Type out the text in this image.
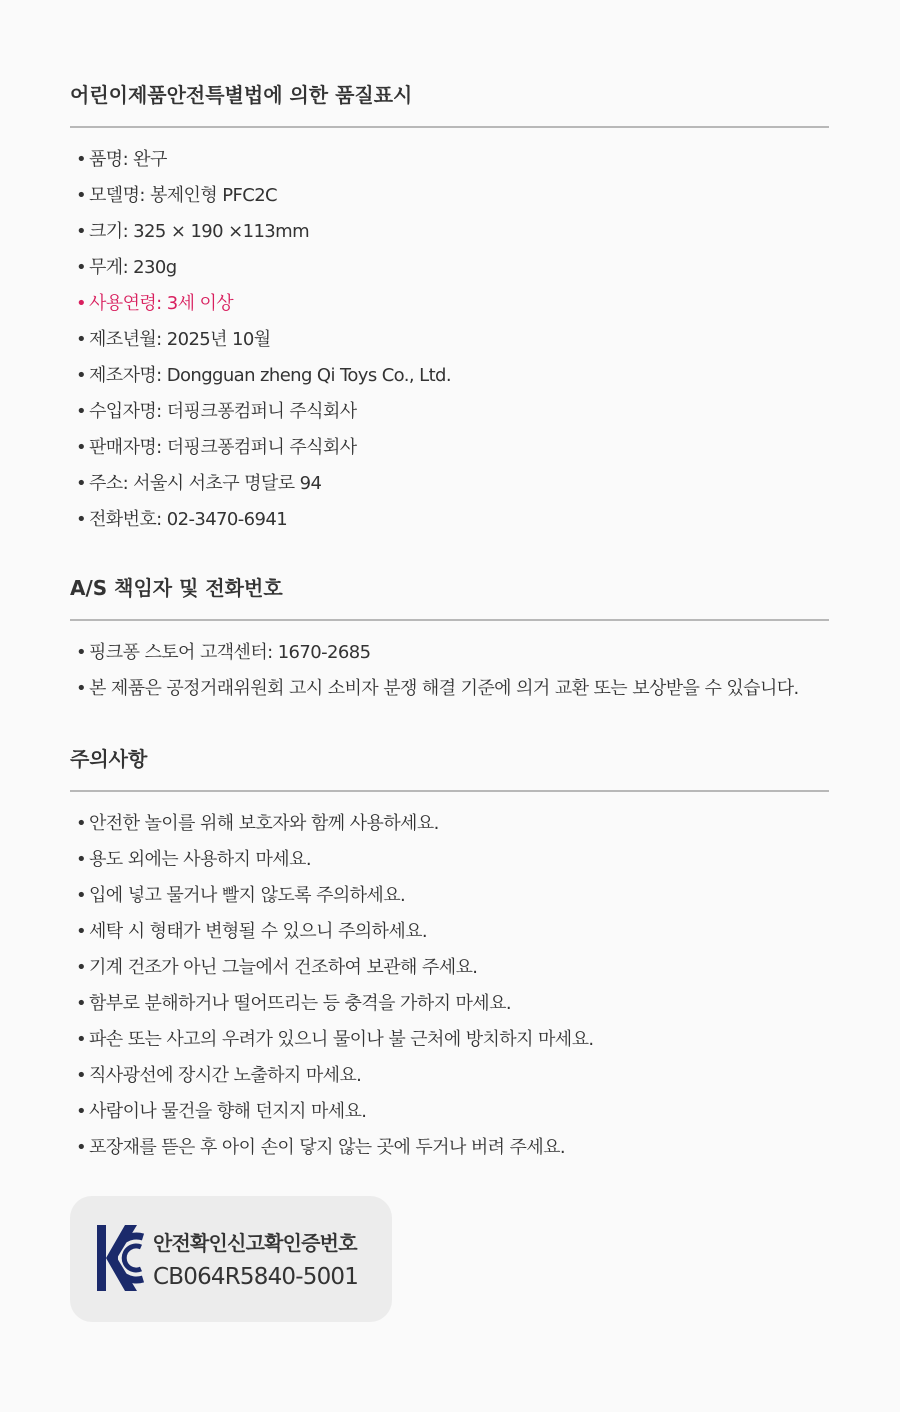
어린이제품안전특별법에 의한 품질표시
• 품명: 완구
• 모델명: 봉제인형 PFC2C
• 크기: 325 × 190 ×113mm
• 무게: 230g
• 사용연령: 3세 이상
• 제조년월: 2025년 10월
• 제조자명: Dongguan zheng Qi Toys Co., Ltd.
• 수입자명: 더핑크퐁컴퍼니 주식회사
• 판매자명: 더핑크퐁컴퍼니 주식회사
• 주소: 서울시 서초구 명달로 94
• 전화번호: 02-3470-6941
A/S 책임자 및 전화번호
• 핑크퐁 스토어 고객센터: 1670-2685
• 본 제품은 공정거래위원회 고시 소비자 분쟁 해결 기준에 의거 교환 또는 보상받을 수 있습니다.
주의사항
• 안전한 놀이를 위해 보호자와 함께 사용하세요.
• 용도 외에는 사용하지 마세요.
• 입에 넣고 물거나 빨지 않도록 주의하세요.
• 세탁 시 형태가 변형될 수 있으니 주의하세요.
• 기계 건조가 아닌 그늘에서 건조하여 보관해 주세요.
• 함부로 분해하거나 떨어뜨리는 등 충격을 가하지 마세요.
• 파손 또는 사고의 우려가 있으니 물이나 불 근처에 방치하지 마세요.
• 직사광선에 장시간 노출하지 마세요.
• 사람이나 물건을 향해 던지지 마세요.
• 포장재를 뜯은 후 아이 손이 닿지 않는 곳에 두거나 버려 주세요.
안전확인신고확인증번호
CB064R5840-5001
